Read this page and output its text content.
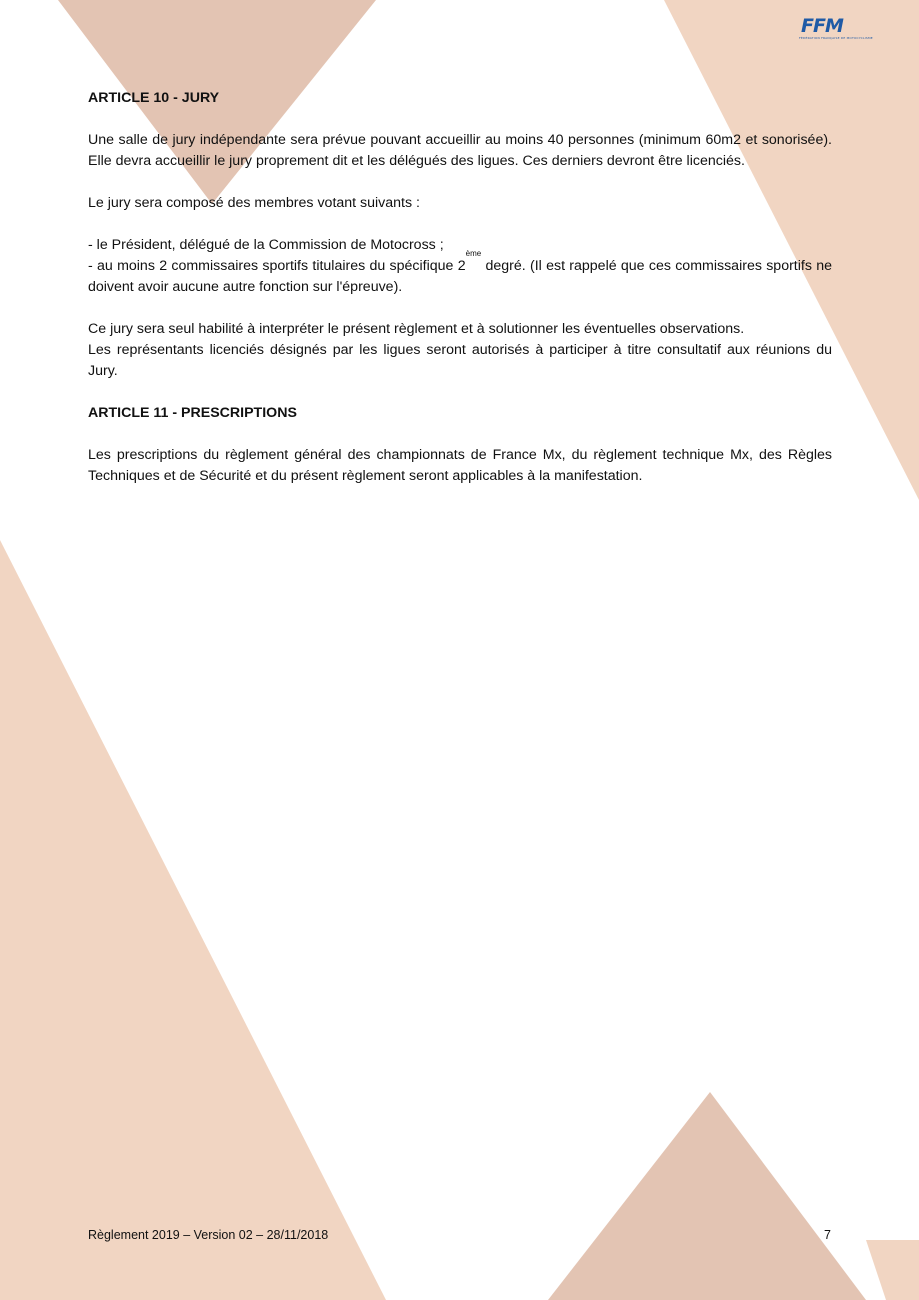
FFM
FÉDÉRATION FRANÇAISE DE MOTOCYCLISME

ARTICLE 10 - JURY

Une salle de jury indépendante sera prévue pouvant accueillir au moins 40 personnes (minimum 60m2 et sonorisée). Elle devra accueillir le jury proprement dit et les délégués des ligues. Ces derniers devront être licenciés.

Le jury sera composé des membres votant suivants :

- le Président, délégué de la Commission de Motocross ;

- au moins 2 commissaires sportifs titulaires du spécifique 2ème degré. (Il est rappelé que ces commissaires sportifs ne doivent avoir aucune autre fonction sur l'épreuve).

Ce jury sera seul habilité à interpréter le présent règlement et à solutionner les éventuelles observations.

Les représentants licenciés désignés par les ligues seront autorisés à participer à titre consultatif aux réunions du Jury.

ARTICLE 11 - PRESCRIPTIONS

Les prescriptions du règlement général des championnats de France Mx, du règlement technique Mx, des Règles Techniques et de Sécurité et du présent règlement seront applicables à la manifestation.

Règlement 2019 – Version 02 – 28/11/2018	7
